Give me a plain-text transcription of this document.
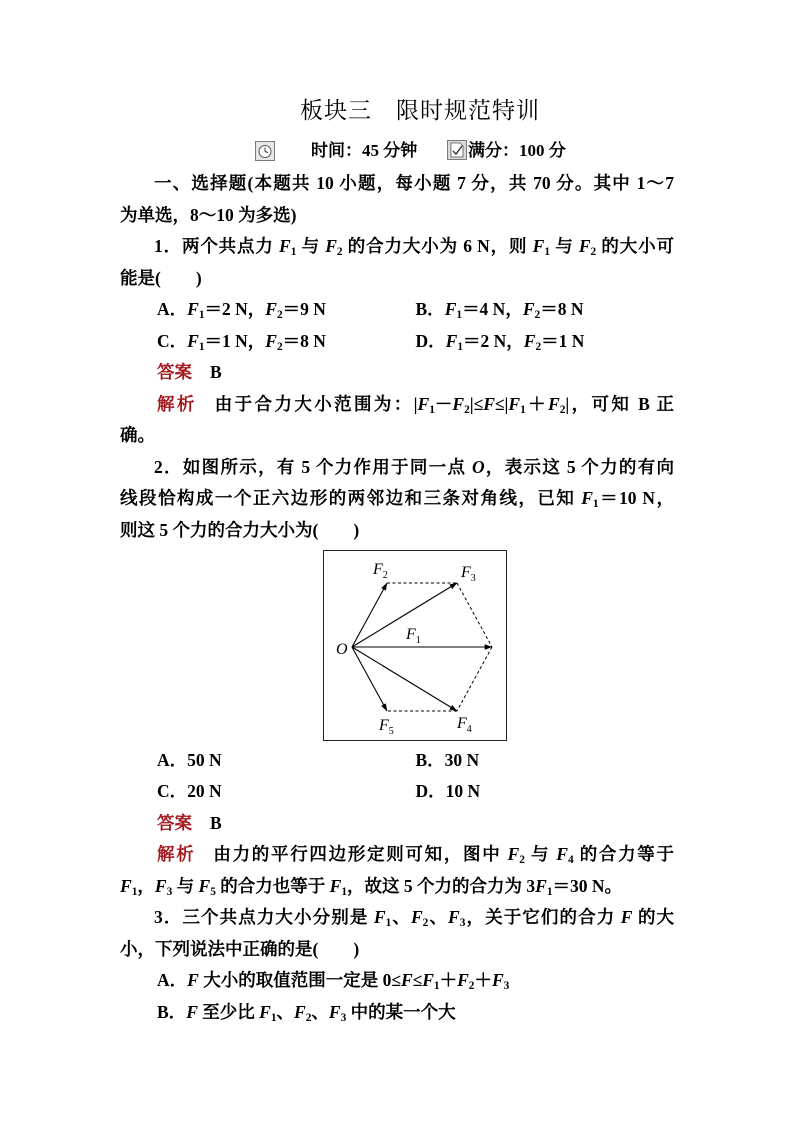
板块三　限时规范特训
时间：45 分钟	满分：100 分
一、选择题(本题共 10 小题，每小题 7 分，共 70 分。其中 1～7
为单选，8～10 为多选)
1．两个共点力 $F_1$ 与 $F_2$ 的合力大小为 6 N，则 $F_1$ 与 $F_2$ 的大小可
能是(　　)
A．$F_1=2$ N，$F_2=9$ N	B．$F_1=4$ N，$F_2=8$ N
C．$F_1=1$ N，$F_2=8$ N	D．$F_1=2$ N，$F_2=1$ N
答案 B
解析 由于合力大小范围为：$|F_1-F_2|\le F\le|F_1+F_2|$，可知 B 正
确。
2．如图所示，有 5 个力作用于同一点 O，表示这 5 个力的有向
线段恰构成一个正六边形的两邻边和三条对角线，已知 $F_1=10$ N，
则这 5 个力的合力大小为(　　)
O
$F_1$
$F_2$	$F_3$
$F_4$
$F_5$
A．50 N	B．30 N
C．20 N	D．10 N
答案 B
解析 由力的平行四边形定则可知，图中 $F_2$ 与 $F_4$ 的合力等于
$F_1$，$F_3$ 与 $F_5$ 的合力也等于 $F_1$，故这 5 个力的合力为 $3F_1=30$ N。
3．三个共点力大小分别是 $F_1$、$F_2$、$F_3$，关于它们的合力 F 的大
小，下列说法中正确的是(　　)
A．F 大小的取值范围一定是 $0\le F\le F_1+F_2+F_3$
B．F 至少比 $F_1$、$F_2$、$F_3$ 中的某一个大
